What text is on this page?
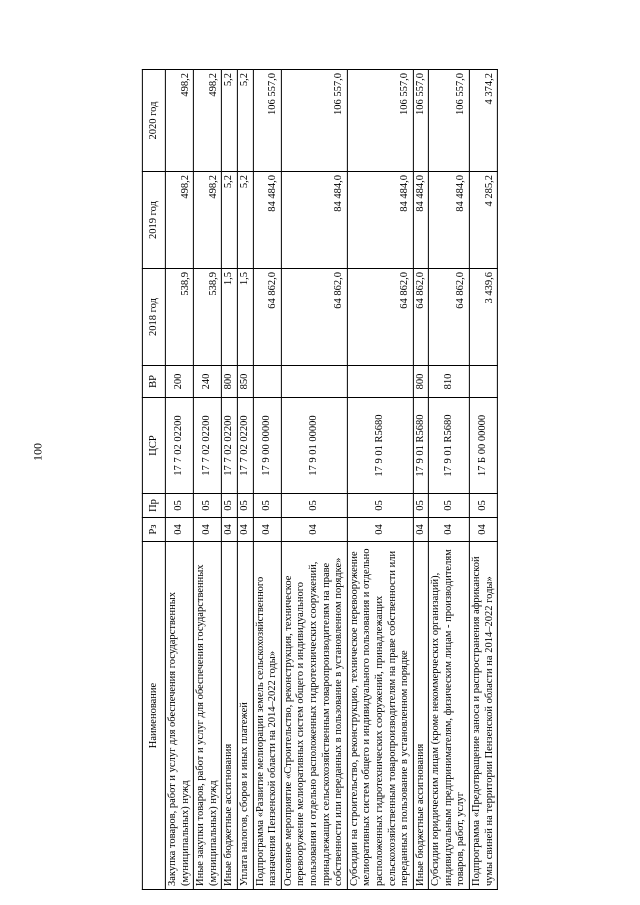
100
Наименование	Рз	Пр	ЦСР	ВР	2018 год	2019 год	2020 год
Закупка товаров, работ и услуг для обеспечения государственных (муниципальных) нужд	04	05	17 7 02 02200	200	538,9	498,2	498,2
Иные закупки товаров, работ и услуг для обеспечения государственных (муниципальных) нужд	04	05	17 7 02 02200	240	538,9	498,2	498,2
Иные бюджетные ассигнования	04	05	17 7 02 02200	800	1,5	5,2	5,2
Уплата налогов, сборов и иных платежей	04	05	17 7 02 02200	850	1,5	5,2	5,2
Подпрограмма «Развитие мелиорации земель сельскохозяйственного назначения Пензенской области на 2014–2022 годы»	04	05	17 9 00 00000		64 862,0	84 484,0	106 557,0
Основное мероприятие «Строительство, реконструкция, техническое перевооружение мелиоративных систем общего и индивидуального пользования и отдельно расположенных гидротехнических сооружений, принадлежащих сельскохозяйственным товаропроизводителям на праве собственности или переданных в пользование в установленном порядке»	04	05	17 9 01 00000		64 862,0	84 484,0	106 557,0
Субсидии на строительство, реконструкцию, техническое перевооружение мелиоративных систем общего и индивидуального пользования и отдельно расположенных гидротехнических сооружений, принадлежащих сельскохозяйственным товаропроизводителям на праве собственности или переданных в пользование в установленном порядке	04	05	17 9 01 R5680		64 862,0	84 484,0	106 557,0
Иные бюджетные ассигнования	04	05	17 9 01 R5680	800	64 862,0	84 484,0	106 557,0
Субсидии юридическим лицам (кроме некоммерческих организаций), индивидуальным предпринимателям, физическим лицам - производителям товаров, работ, услуг	04	05	17 9 01 R5680	810	64 862,0	84 484,0	106 557,0
Подпрограмма «Предотвращение заноса и распространения африканской чумы свиней на территории Пензенской области на 2014–2022 годы»	04	05	17 Б 00 00000		3 439,6	4 285,2	4 374,2
